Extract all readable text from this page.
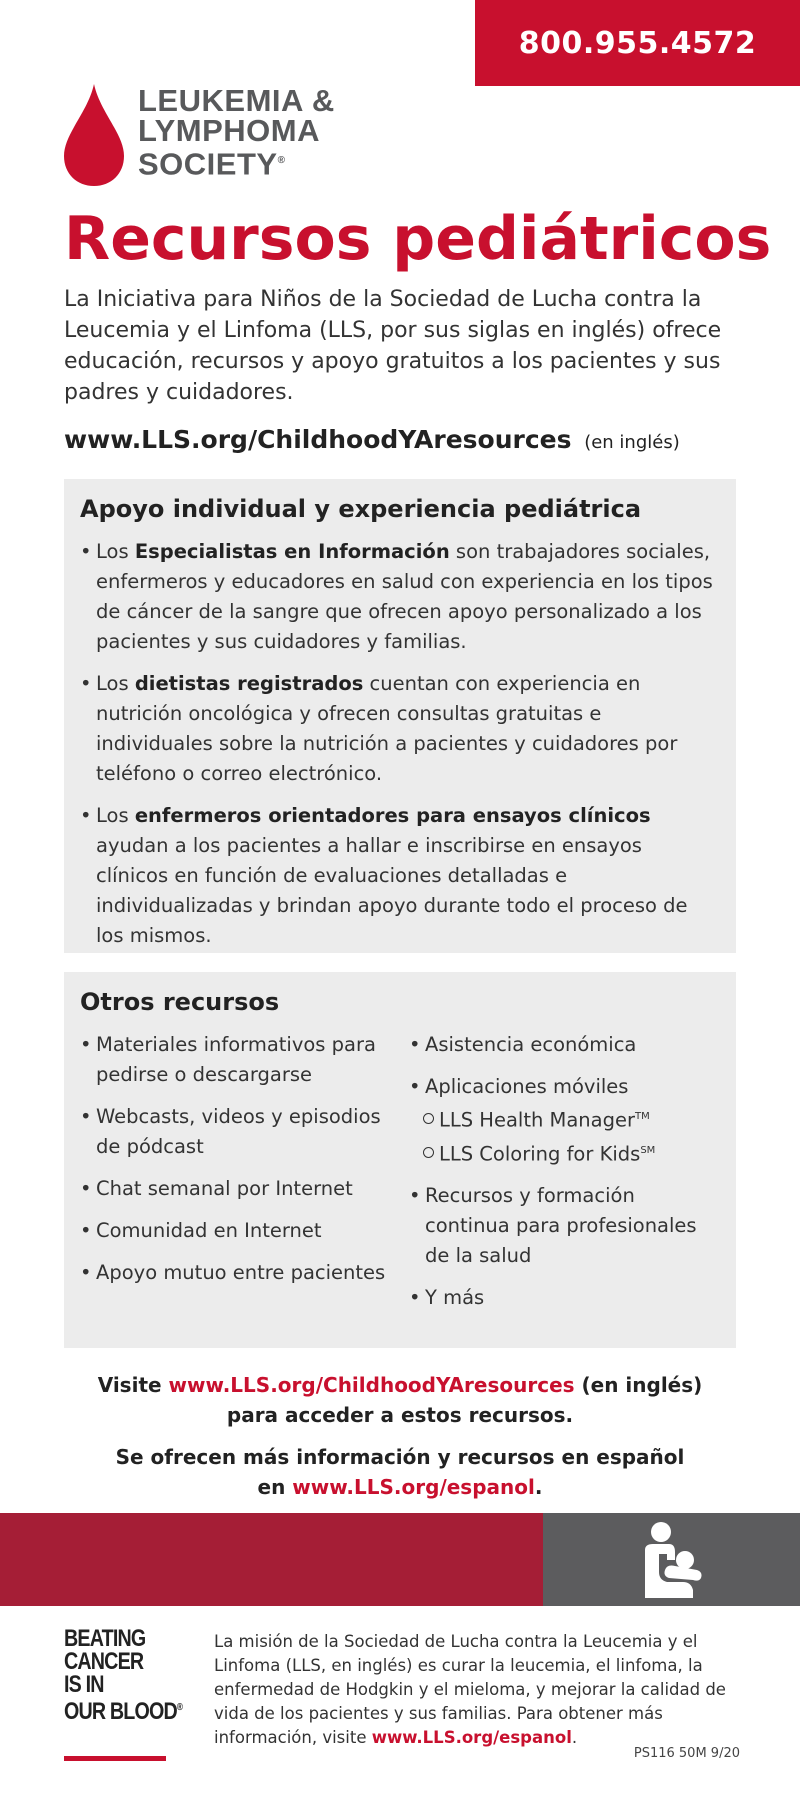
800.955.4572
LEUKEMIA &
LYMPHOMA
SOCIETY®
Recursos pediátricos

La Iniciativa para Niños de la Sociedad de Lucha contra la Leucemia y el Linfoma (LLS, por sus siglas en inglés) ofrece educación, recursos y apoyo gratuitos a los pacientes y sus padres y cuidadores.

www.LLS.org/ChildhoodYAresources (en inglés)
Apoyo individual y experiencia pediátrica
• Los Especialistas en Información son trabajadores sociales, enfermeros y educadores en salud con experiencia en los tipos de cáncer de la sangre que ofrecen apoyo personalizado a los pacientes y sus cuidadores y familias.
• Los dietistas registrados cuentan con experiencia en nutrición oncológica y ofrecen consultas gratuitas e individuales sobre la nutrición a pacientes y cuidadores por teléfono o correo electrónico.
• Los enfermeros orientadores para ensayos clínicos ayudan a los pacientes a hallar e inscribirse en ensayos clínicos en función de evaluaciones detalladas e individualizadas y brindan apoyo durante todo el proceso de los mismos.
Otros recursos
• Materiales informativos para pedirse o descargarse
• Webcasts, videos y episodios de pódcast
• Chat semanal por Internet
• Comunidad en Internet
• Apoyo mutuo entre pacientes
• Asistencia económica
• Aplicaciones móviles
LLS Health Manager™
LLS Coloring for Kids℠
• Recursos y formación continua para profesionales de la salud
• Y más
Visite www.LLS.org/ChildhoodYAresources (en inglés)
para acceder a estos recursos.
Se ofrecen más información y recursos en español
en www.LLS.org/espanol.
BEATING
CANCER
IS IN
OUR BLOOD®

La misión de la Sociedad de Lucha contra la Leucemia y el Linfoma (LLS, en inglés) es curar la leucemia, el linfoma, la enfermedad de Hodgkin y el mieloma, y mejorar la calidad de vida de los pacientes y sus familias. Para obtener más información, visite www.LLS.org/espanol.

PS116 50M 9/20
